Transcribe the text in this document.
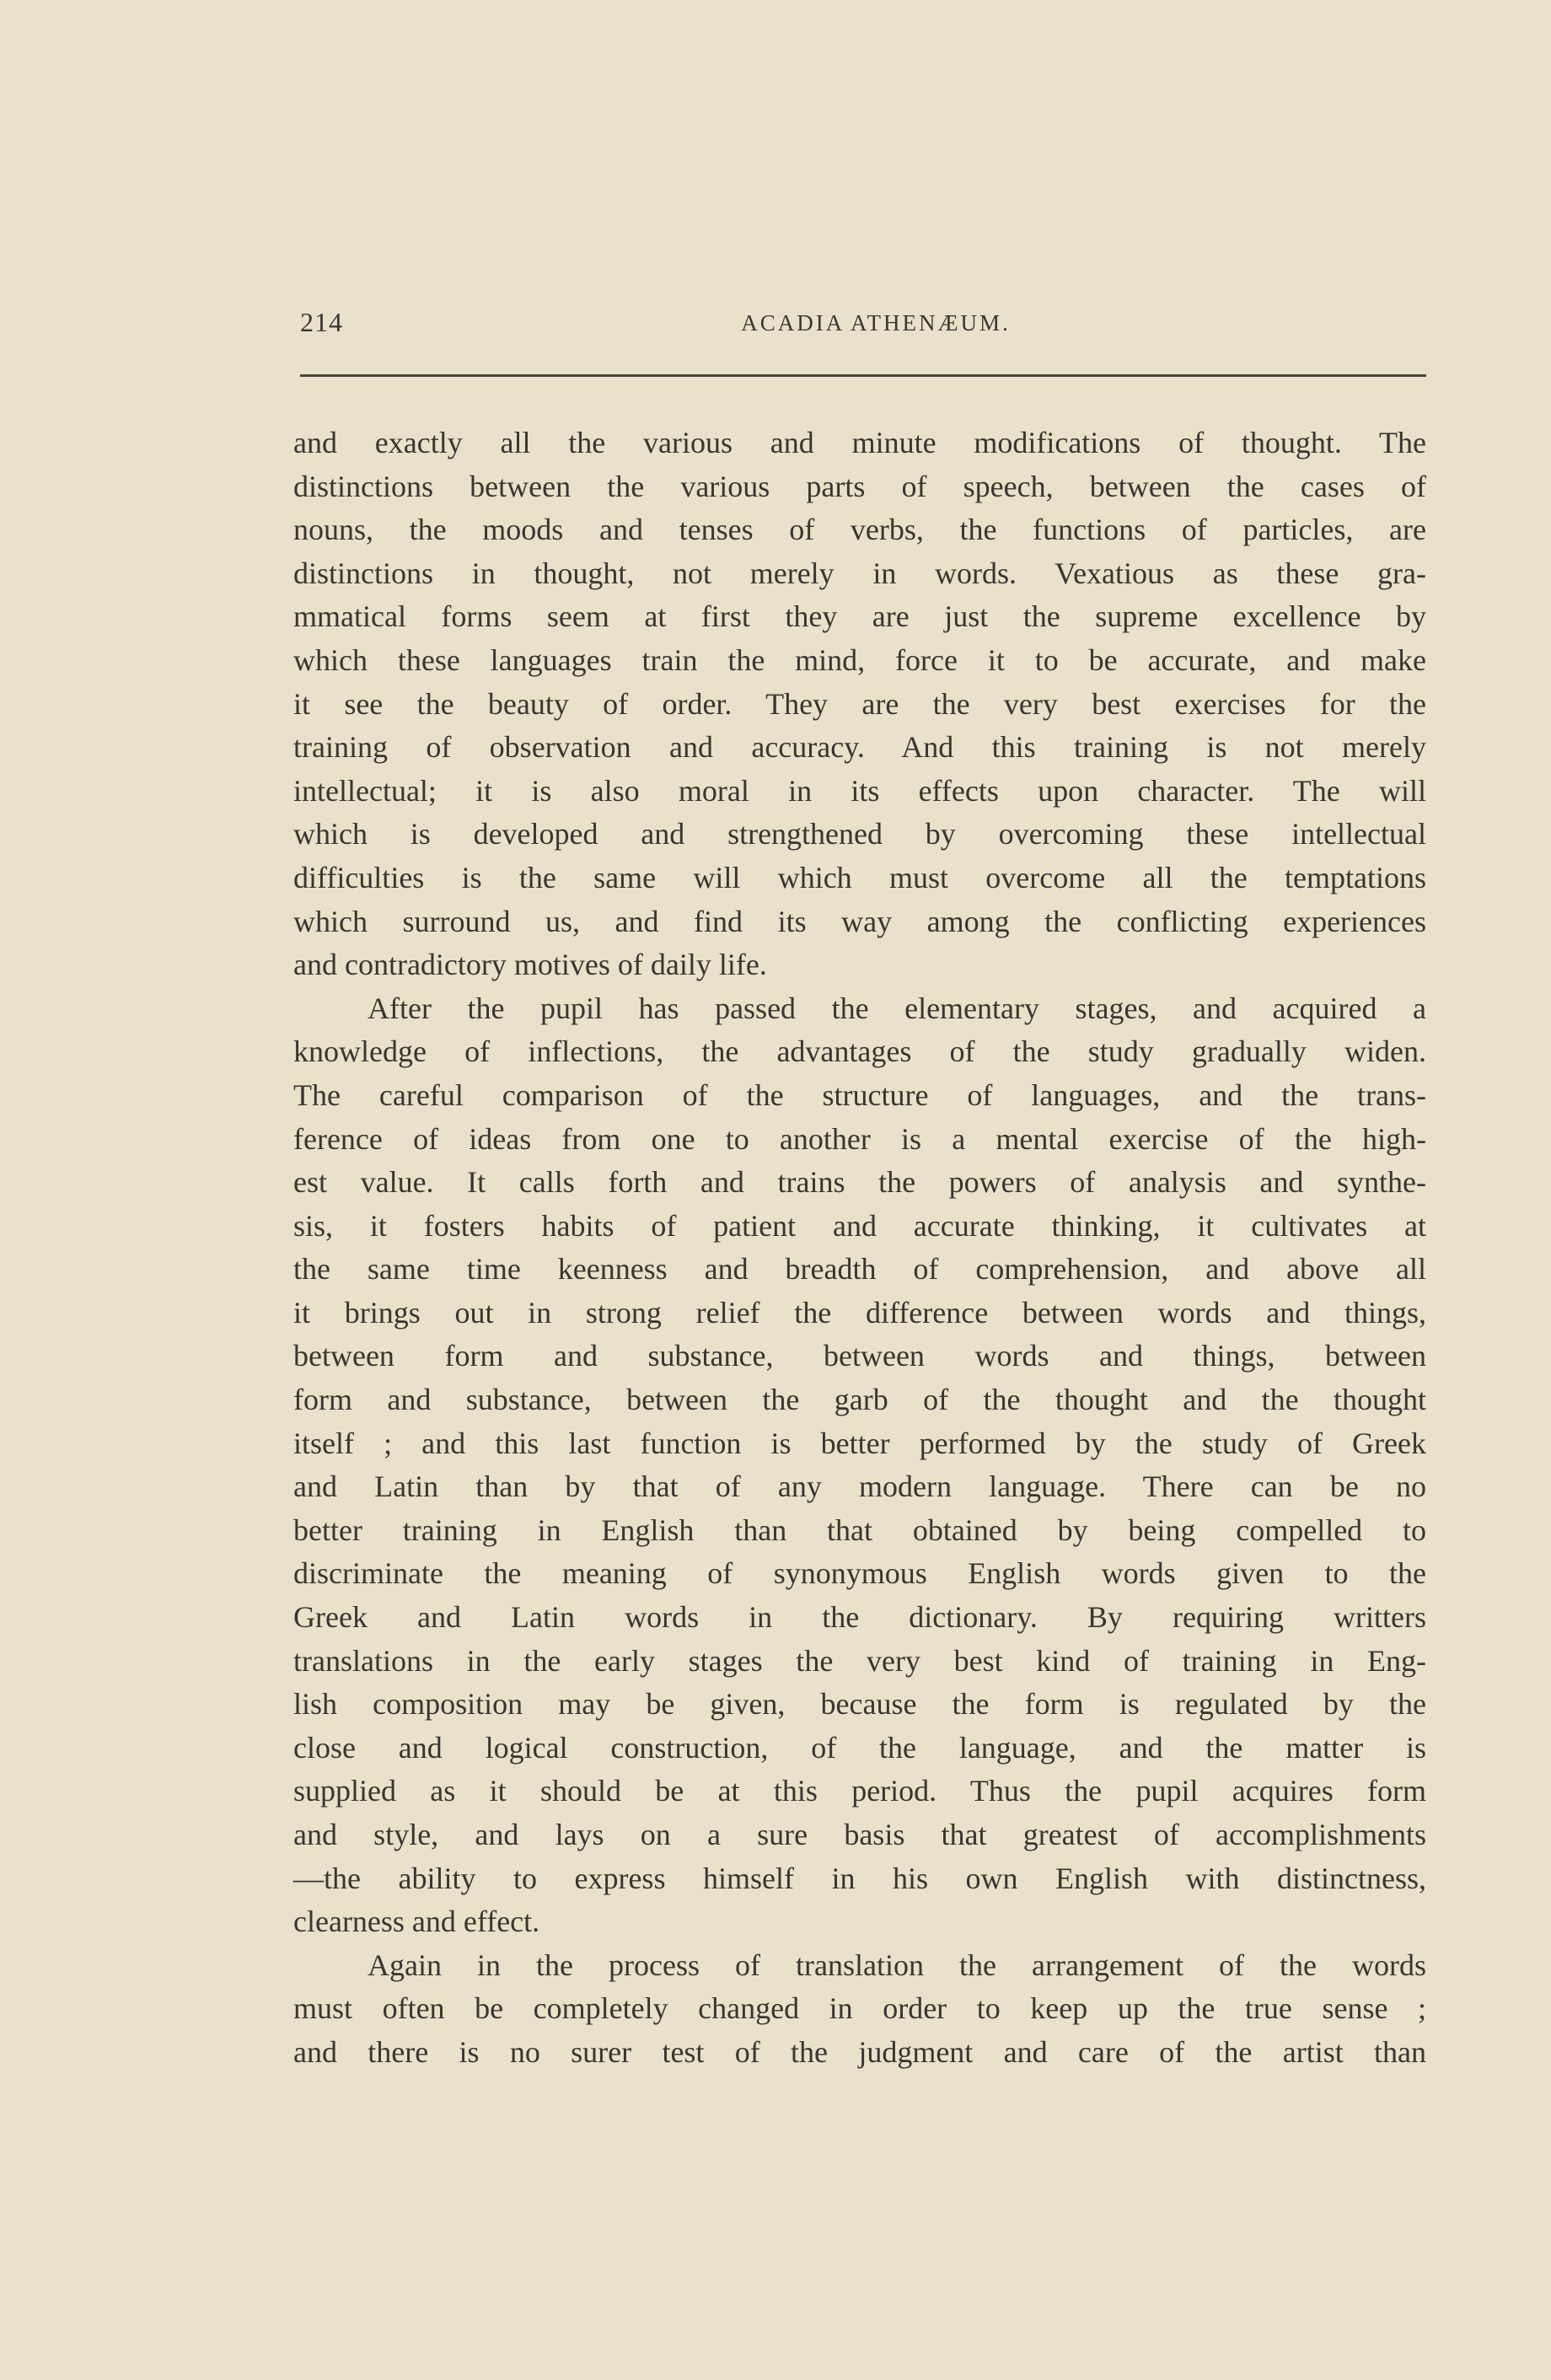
214	ACADIA ATHENÆUM.
and exactly all the various and minute modifications of thought. The
distinctions between the various parts of speech, between the cases of
nouns, the moods and tenses of verbs, the functions of particles, are
distinctions in thought, not merely in words. Vexatious as these gra-
mmatical forms seem at first they are just the supreme excellence by
which these languages train the mind, force it to be accurate, and make
it see the beauty of order. They are the very best exercises for the
training of observation and accuracy. And this training is not merely
intellectual; it is also moral in its effects upon character. The will
which is developed and strengthened by overcoming these intellectual
difficulties is the same will which must overcome all the temptations
which surround us, and find its way among the conflicting experiences
and contradictory motives of daily life.
After the pupil has passed the elementary stages, and acquired a
knowledge of inflections, the advantages of the study gradually widen.
The careful comparison of the structure of languages, and the trans-
ference of ideas from one to another is a mental exercise of the high-
est value. It calls forth and trains the powers of analysis and synthe-
sis, it fosters habits of patient and accurate thinking, it cultivates at
the same time keenness and breadth of comprehension, and above all
it brings out in strong relief the difference between words and things,
between form and substance, between words and things, between
form and substance, between the garb of the thought and the thought
itself ; and this last function is better performed by the study of Greek
and Latin than by that of any modern language. There can be no
better training in English than that obtained by being compelled to
discriminate the meaning of synonymous English words given to the
Greek and Latin words in the dictionary. By requiring writters
translations in the early stages the very best kind of training in Eng-
lish composition may be given, because the form is regulated by the
close and logical construction, of the language, and the matter is
supplied as it should be at this period. Thus the pupil acquires form
and style, and lays on a sure basis that greatest of accomplishments
—the ability to express himself in his own English with distinctness,
clearness and effect.
Again in the process of translation the arrangement of the words
must often be completely changed in order to keep up the true sense ;
and there is no surer test of the judgment and care of the artist than
